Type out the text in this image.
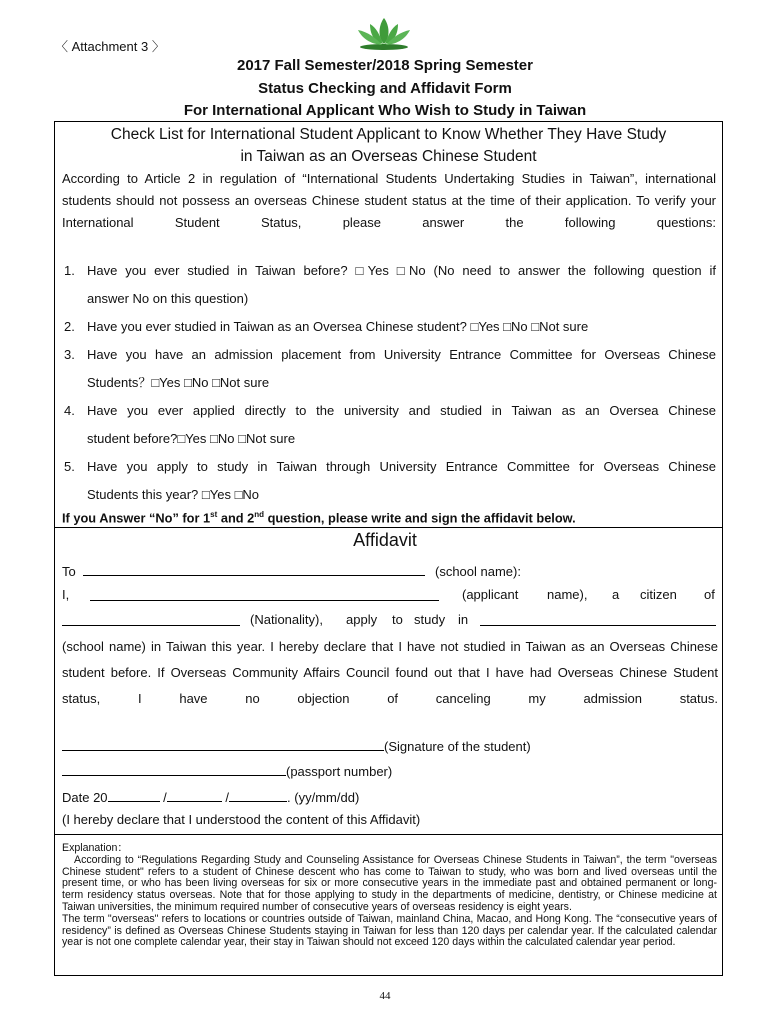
〈 Attachment 3 〉
2017 Fall Semester/2018 Spring Semester
Status Checking and Affidavit Form
For International Applicant Who Wish to Study in Taiwan
Check List for International Student Applicant to Know Whether They Have Study
in Taiwan as an Overseas Chinese Student
According to Article 2 in regulation of “International Students Undertaking Studies in Taiwan”, international students should not possess an overseas Chinese student status at the time of their application. To verify your International Student Status, please answer the following questions:
1. Have you ever studied in Taiwan before? □Yes □No (No need to answer the following question if
answer No on this question)
2. Have you ever studied in Taiwan as an Oversea Chinese student? □Yes □No □Not sure
3. Have you have an admission placement from University Entrance Committee for Overseas Chinese
Students？□Yes □No □Not sure
4. Have you ever applied directly to the university and studied in Taiwan as an Oversea Chinese
student before?□Yes □No □Not sure
5. Have you apply to study in Taiwan through University Entrance Committee for Overseas Chinese
Students this year? □Yes □No
If you Answer “No” for 1st and 2nd question, please write and sign the affidavit below.
Affidavit
To	(school name):
I,	(applicant name), a citizen of
(Nationality), apply to study in
(school name) in Taiwan this year. I hereby declare that I have not studied in Taiwan as an Overseas Chinese student before. If Overseas Community Affairs Council found out that I have had Overseas Chinese Student status, I have no objection of canceling my admission status.
(Signature of the student)
(passport number)
Date 20	/	/	. (yy/mm/dd)
(I hereby declare that I understood the content of this Affidavit)
Explanation：
According to “Regulations Regarding Study and Counseling Assistance for Overseas Chinese Students in Taiwan”, the term "overseas Chinese student" refers to a student of Chinese descent who has come to Taiwan to study, who was born and lived overseas until the present time, or who has been living overseas for six or more consecutive years in the immediate past and obtained permanent or long-term residency status overseas. Note that for those applying to study in the departments of medicine, dentistry, or Chinese medicine at Taiwan universities, the minimum required number of consecutive years of overseas residency is eight years.
The term "overseas" refers to locations or countries outside of Taiwan, mainland China, Macao, and Hong Kong. The “consecutive years of residency” is defined as Overseas Chinese Students staying in Taiwan for less than 120 days per calendar year. If the calculated calendar year is not one complete calendar year, their stay in Taiwan should not exceed 120 days within the calculated calendar year period.
44
